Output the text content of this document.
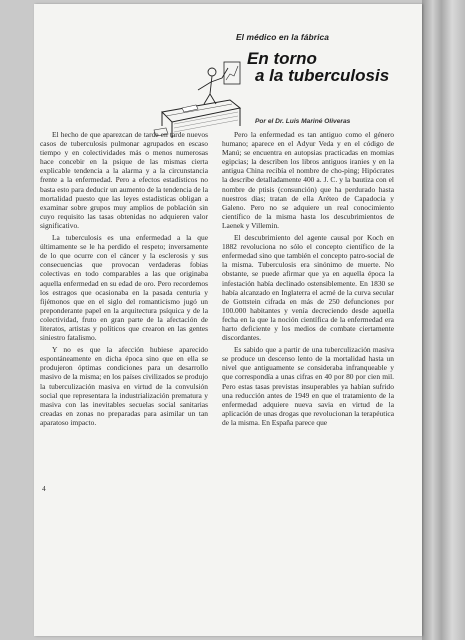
El médico en la fábrica
En torno
a la tuberculosis
Por el Dr. Luis Mariné Oliveras

El hecho de que aparezcan de tarde en tarde nuevos casos de tuberculosis pulmonar agrupados en escaso tiempo y en colectividades más o menos numerosas hace concebir en la psique de las mismas cierta explicable tendencia a la alarma y a la circunstancia frente a la enfermedad. Pero a efectos estadísticos no basta esto para deducir un aumento de la tendencia de la mortalidad puesto que las leyes estadísticas obligan a examinar sobre grupos muy amplios de población sin cuyo requisito las tasas obtenidas no adquieren valor significativo.

La tuberculosis es una enfermedad a la que últimamente se le ha perdido el respeto; inversamente de lo que ocurre con el cáncer y la esclerosis y sus consecuencias que provocan verdaderas fobias colectivas en todo comparables a las que originaba aquella enfermedad en su edad de oro. Pero recordemos los estragos que ocasionaba en la pasada centuria y fijémonos que en el siglo del romanticismo jugó un preponderante papel en la arquitectura psíquica y de la colectividad, fruto en gran parte de la afectación de literatos, artistas y políticos que crearon en las gentes siniestro fatalismo.

Y no es que la afección hubiese aparecido espontáneamente en dicha época sino que en ella se produjeron óptimas condiciones para un desarrollo masivo de la misma; en los países civilizados se produjo la tuberculización masiva en virtud de la convulsión social que representara la industrialización prematura y masiva con las inevitables secuelas social sanitarias creadas en zonas no preparadas para asimilar un tan aparatoso impacto.

Pero la enfermedad es tan antiguo como el género humano; aparece en el Adyur Veda y en el código de Manú; se encuentra en autopsias practicadas en momias egipcias; la describen los libros antiguos iranies y en la antigua China recibía el nombre de cho-ping; Hipócrates la describe detalladamente 400 a. J. C. y la bautiza con el nombre de ptisis (consunción) que ha perdurado hasta nuestros días; tratan de ella Aréteo de Capadocia y Galeno. Pero no se adquiere un real conocimiento científico de la misma hasta los descubrimientos de Laenek y Villemin.

El descubrimiento del agente causal por Koch en 1882 revoluciona no sólo el concepto científico de la enfermedad sino que también el concepto patro-social de la misma. Tuberculosis era sinónimo de muerte. No obstante, se puede afirmar que ya en aquella época la infestación había declinado ostensiblemente. En 1830 se había alcanzado en Inglaterra el acmé de la curva secular de Gottstein cifrada en más de 250 defunciones por 100.000 habitantes y venía decreciendo desde aquella fecha en la que la noción científica de la enfermedad era harto deficiente y los medios de combate ciertamente discordantes.

Es sabido que a partir de una tuberculización masiva se produce un descenso lento de la mortalidad hasta un nivel que antiguamente se consideraba infranqueable y que correspondía a unas cifras en 40 por 80 por cien mil. Pero estas tasas previstas insuperables ya habían sufrido una reducción antes de 1949 en que el tratamiento de la enfermedad adquiere nueva savia en virtud de la aplicación de unas drogas que revolucionan la terapéutica de la misma. En España parece que

4
